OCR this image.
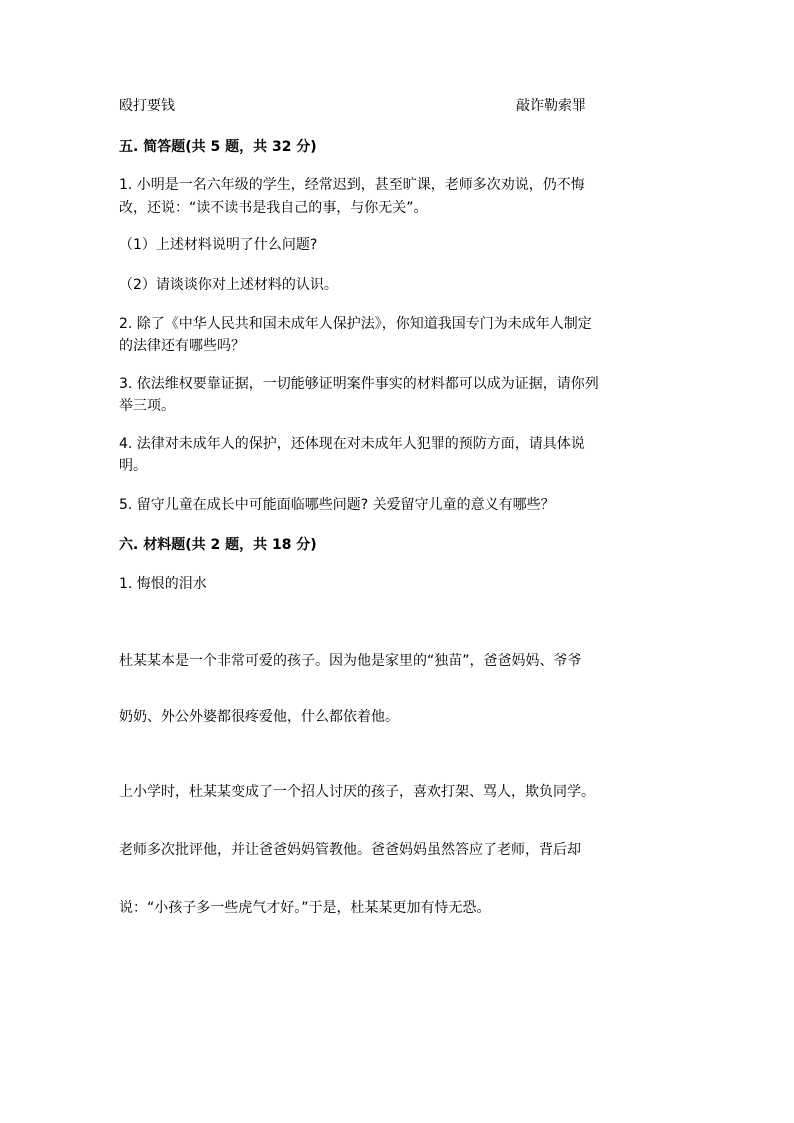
殴打要钱	敲诈勒索罪
五. 简答题(共 5 题，共 32 分)
1. 小明是一名六年级的学生，经常迟到，甚至旷课，老师多次劝说，仍不悔
改，还说：“读不读书是我自己的事，与你无关”。
（1）上述材料说明了什么问题?
（2）请谈谈你对上述材料的认识。
2. 除了《中华人民共和国未成年人保护法》，你知道我国专门为未成年人制定
的法律还有哪些吗？
3. 依法维权要靠证据，一切能够证明案件事实的材料都可以成为证据，请你列
举三项。
4. 法律对未成年人的保护，还体现在对未成年人犯罪的预防方面，请具体说
明。
5. 留守儿童在成长中可能面临哪些问题? 关爱留守儿童的意义有哪些？
六. 材料题(共 2 题，共 18 分)
1. 悔恨的泪水
杜某某本是一个非常可爱的孩子。因为他是家里的“独苗”，爸爸妈妈、爷爷
奶奶、外公外婆都很疼爱他，什么都依着他。
上小学时，杜某某变成了一个招人讨厌的孩子，喜欢打架、骂人，欺负同学。
老师多次批评他，并让爸爸妈妈管教他。爸爸妈妈虽然答应了老师，背后却
说：“小孩子多一些虎气才好。”于是，杜某某更加有恃无恐。
